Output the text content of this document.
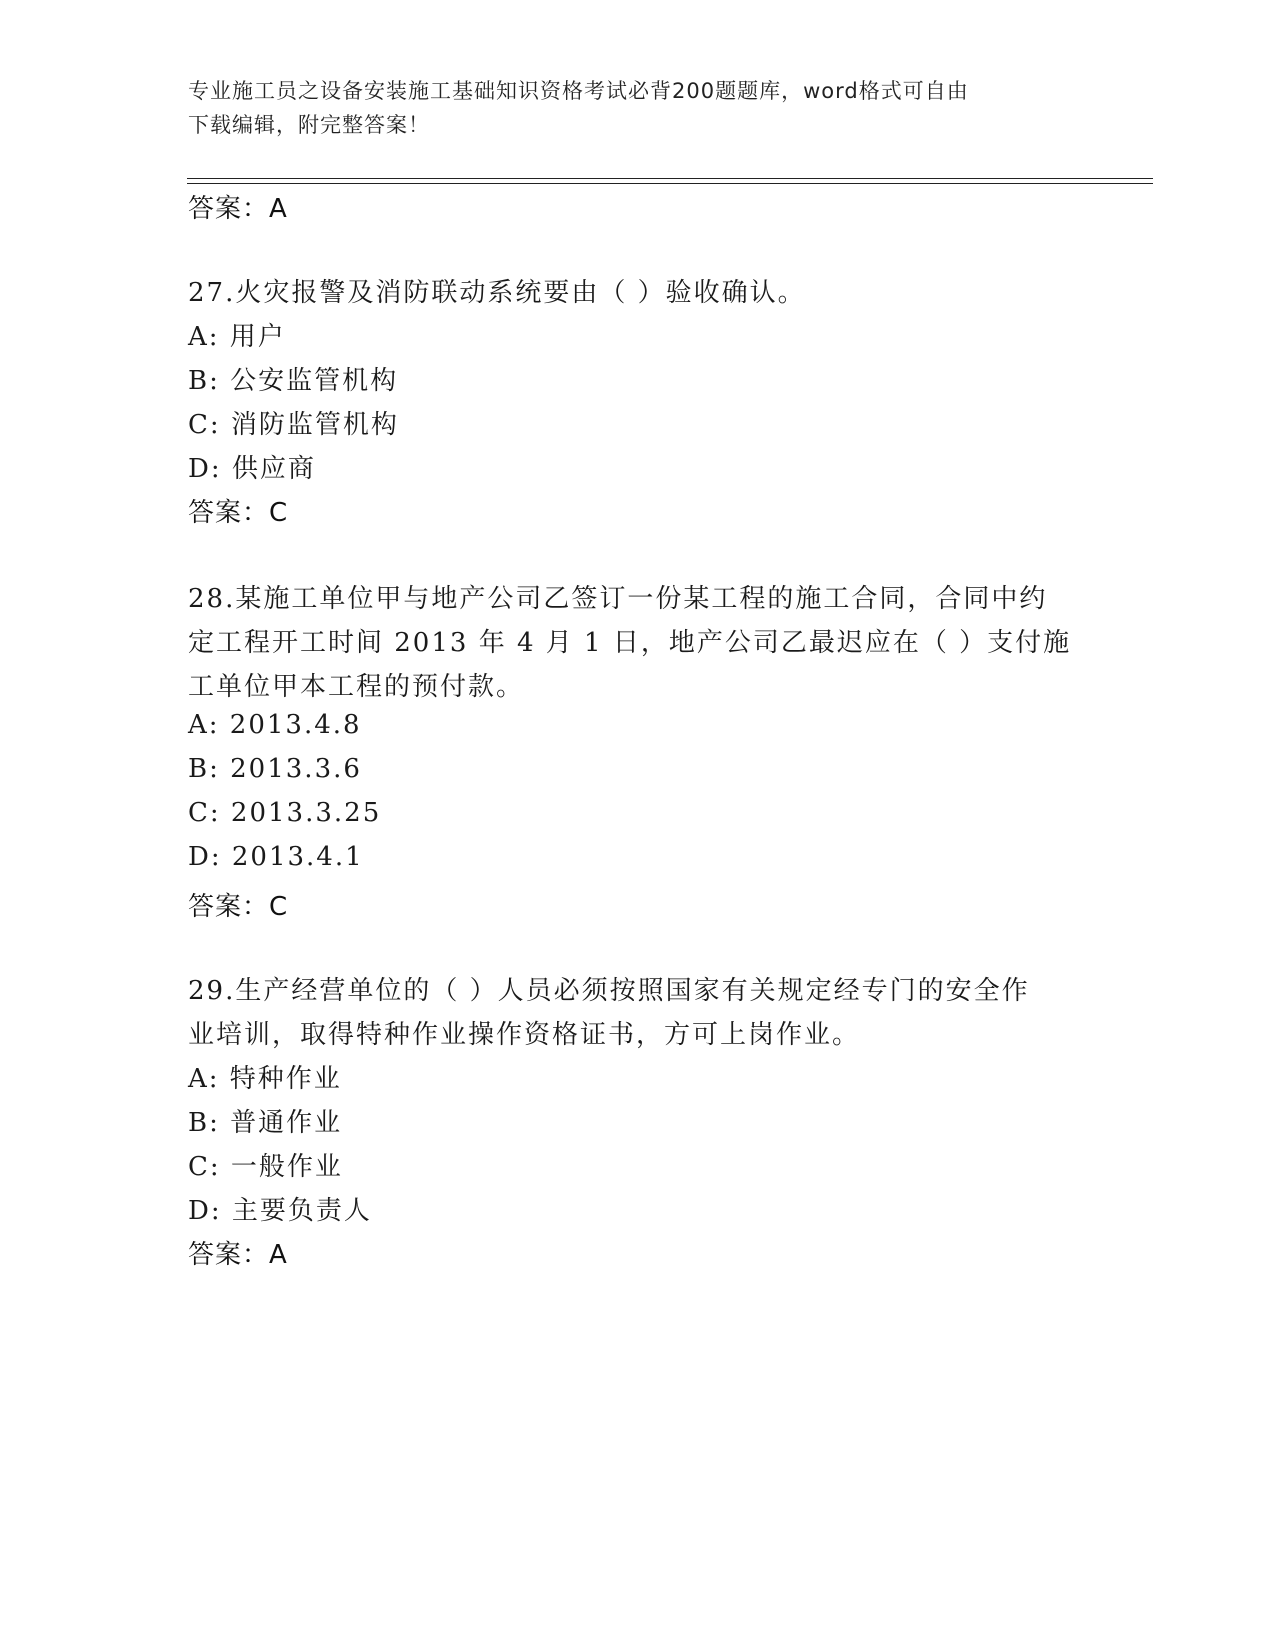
专业施工员之设备安装施工基础知识资格考试必背200题题库，word格式可自由
下载编辑，附完整答案！
答案：A
27.火灾报警及消防联动系统要由（ ）验收确认。
A: 用户
B: 公安监管机构
C: 消防监管机构
D: 供应商
答案：C
28.某施工单位甲与地产公司乙签订一份某工程的施工合同，合同中约
定工程开工时间 2013 年 4 月 1 日，地产公司乙最迟应在（ ）支付施
工单位甲本工程的预付款。
A: 2013.4.8
B: 2013.3.6
C: 2013.3.25
D: 2013.4.1
答案：C
29.生产经营单位的（ ）人员必须按照国家有关规定经专门的安全作
业培训，取得特种作业操作资格证书，方可上岗作业。
A: 特种作业
B: 普通作业
C: 一般作业
D: 主要负责人
答案：A
